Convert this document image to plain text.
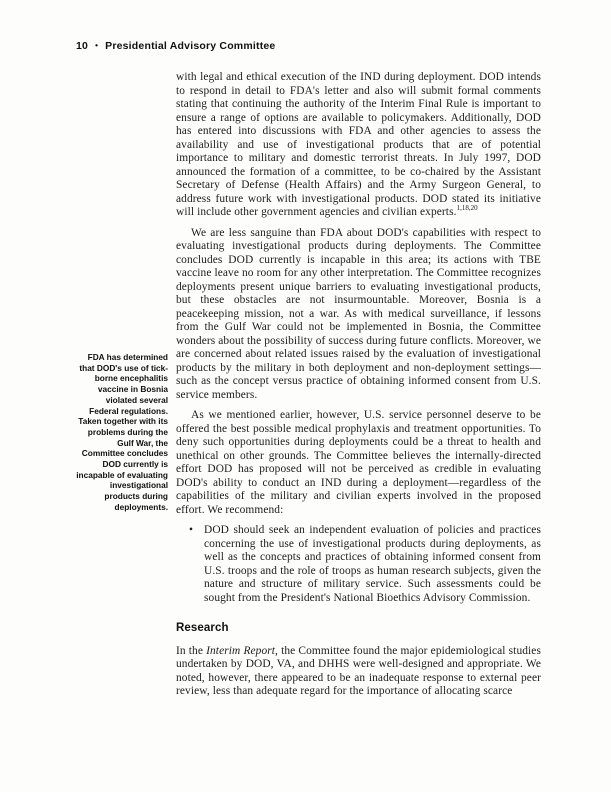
10 • Presidential Advisory Committee
FDA has determined that DOD's use of tick-borne encephalitis vaccine in Bosnia violated several Federal regulations. Taken together with its problems during the Gulf War, the Committee concludes DOD currently is incapable of evaluating investigational products during deployments.

with legal and ethical execution of the IND during deployment. DOD intends to respond in detail to FDA's letter and also will submit formal comments stating that continuing the authority of the Interim Final Rule is important to ensure a range of options are available to policymakers. Additionally, DOD has entered into discussions with FDA and other agencies to assess the availability and use of investigational products that are of potential importance to military and domestic terrorist threats. In July 1997, DOD announced the formation of a committee, to be co-chaired by the Assistant Secretary of Defense (Health Affairs) and the Army Surgeon General, to address future work with investigational products. DOD stated its initiative will include other government agencies and civilian experts.$^{1,18,20}$

We are less sanguine than FDA about DOD's capabilities with respect to evaluating investigational products during deployments. The Committee concludes DOD currently is incapable in this area; its actions with TBE vaccine leave no room for any other interpretation. The Committee recognizes deployments present unique barriers to evaluating investigational products, but these obstacles are not insurmountable. Moreover, Bosnia is a peacekeeping mission, not a war. As with medical surveillance, if lessons from the Gulf War could not be implemented in Bosnia, the Committee wonders about the possibility of success during future conflicts. Moreover, we are concerned about related issues raised by the evaluation of investigational products by the military in both deployment and non-deployment settings—such as the concept versus practice of obtaining informed consent from U.S. service members.

As we mentioned earlier, however, U.S. service personnel deserve to be offered the best possible medical prophylaxis and treatment opportunities. To deny such opportunities during deployments could be a threat to health and unethical on other grounds. The Committee believes the internally-directed effort DOD has proposed will not be perceived as credible in evaluating DOD's ability to conduct an IND during a deployment—regardless of the capabilities of the military and civilian experts involved in the proposed effort. We recommend:

• DOD should seek an independent evaluation of policies and practices concerning the use of investigational products during deployments, as well as the concepts and practices of obtaining informed consent from U.S. troops and the role of troops as human research subjects, given the nature and structure of military service. Such assessments could be sought from the President's National Bioethics Advisory Commission.
Research

In the Interim Report, the Committee found the major epidemiological studies undertaken by DOD, VA, and DHHS were well-designed and appropriate. We noted, however, there appeared to be an inadequate response to external peer review, less than adequate regard for the importance of allocating scarce
